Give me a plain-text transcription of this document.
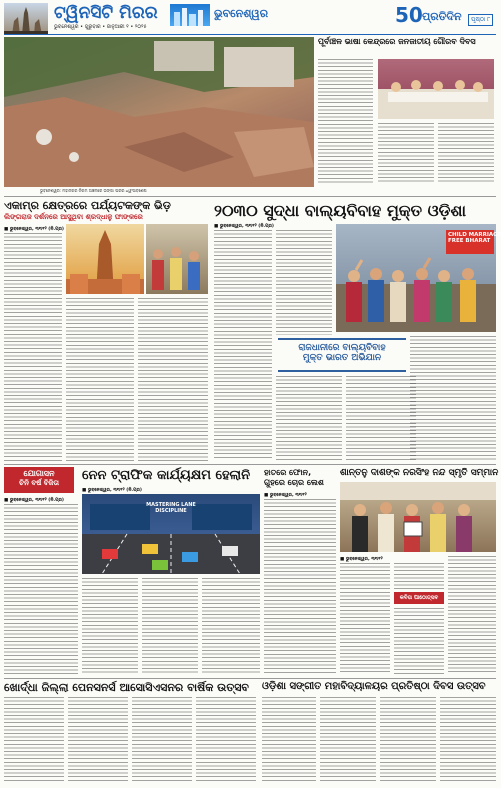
ଟ୍ୱିନସିଟି ମିରର	ଭୁବନେଶ୍ୱର
ଭୁବନେଶ୍ୱର • ଗୁରୁବାର • ଜାନୁଆରୀ ୧ • ୨୦୨୫	50 ପ୍ରତିଦିନ	ପୃଷ୍ଠା ୮
ଭୁବନେଶ୍ୱର: ମହାନଗର ନିଗମ ଅଞ୍ଚଳରେ ଭଙ୍ଗା ଘରର ଧ୍ୱଂସାବଶେଷ
ପୂର୍ବାଞ୍ଚଳ ଭାଷା କେନ୍ଦ୍ରରେ ଜନଜାତୀୟ ଗୌରବ ଦିବସ
ଏକାମ୍ର କ୍ଷେତ୍ରରେ ପର୍ଯ୍ୟଟକଙ୍କ ଭିଡ଼
ଲିଙ୍ଗରାଜ ଦର୍ଶନରେ ଆସୁଥିବା ଶ୍ରଦ୍ଧାଳୁ ଫାଙ୍କରେ
■ ଭୁବନେଶ୍ୱର, ୩୧ା୧୨ (ନି.ପ୍ର)
୨୦୩୦ ସୁଦ୍ଧା ବାଲ୍ୟବିବାହ ମୁକ୍ତ ଓଡ଼ିଶା
■ ଭୁବନେଶ୍ୱର, ୩୧ା୧୨ (ନି.ପ୍ର)
CHILD MARRIAGE
FREE BHARAT
ରାଜଧାନୀରେ ବାଲ୍ୟବିବାହ
ମୁକ୍ତ ଭାରତ ଅଭିଯାନ
ଯୋଗାସନ
ଚିନି ବର୍ଷ ବିଜିତା
■ ଭୁବନେଶ୍ୱର, ୩୧ା୧୨ (ନି.ପ୍ର)
ନେନ ଟ୍ରାଫିକ କାର୍ଯ୍ୟକ୍ଷମ ହେଲାନି
■ ଭୁବନେଶ୍ୱର, ୩୧ା୧୨ (ନି.ପ୍ର)
MASTERING LANE DISCIPLINE
ହାତରେ ଫୋନ,
ଗୁହରେ ଚୋର ଲେଶ
■ ଭୁବନେଶ୍ୱର, ୩୧ା୧୨
ଶାନ୍ତନୁ ଦାଶଙ୍କ ନରସିଂହ ନନ୍ଦ ସ୍ମୃତି ସମ୍ମାନ
■ ଭୁବନେଶ୍ୱର, ୩୧ା୧୨
କବିତା ପାଠୋତ୍ସବ
ଖୋର୍ଦ୍ଧା ଜିଲ୍ଲା ପେନସନର୍ସ ଆସୋସିଏସନର ବାର୍ଷିକ ଉତ୍ସବ	ଓଡ଼ିଶା ସଙ୍ଗୀତ ମହାବିଦ୍ୟାଳୟର ପ୍ରତିଷ୍ଠା ଦିବସ ଉତ୍ସବ
